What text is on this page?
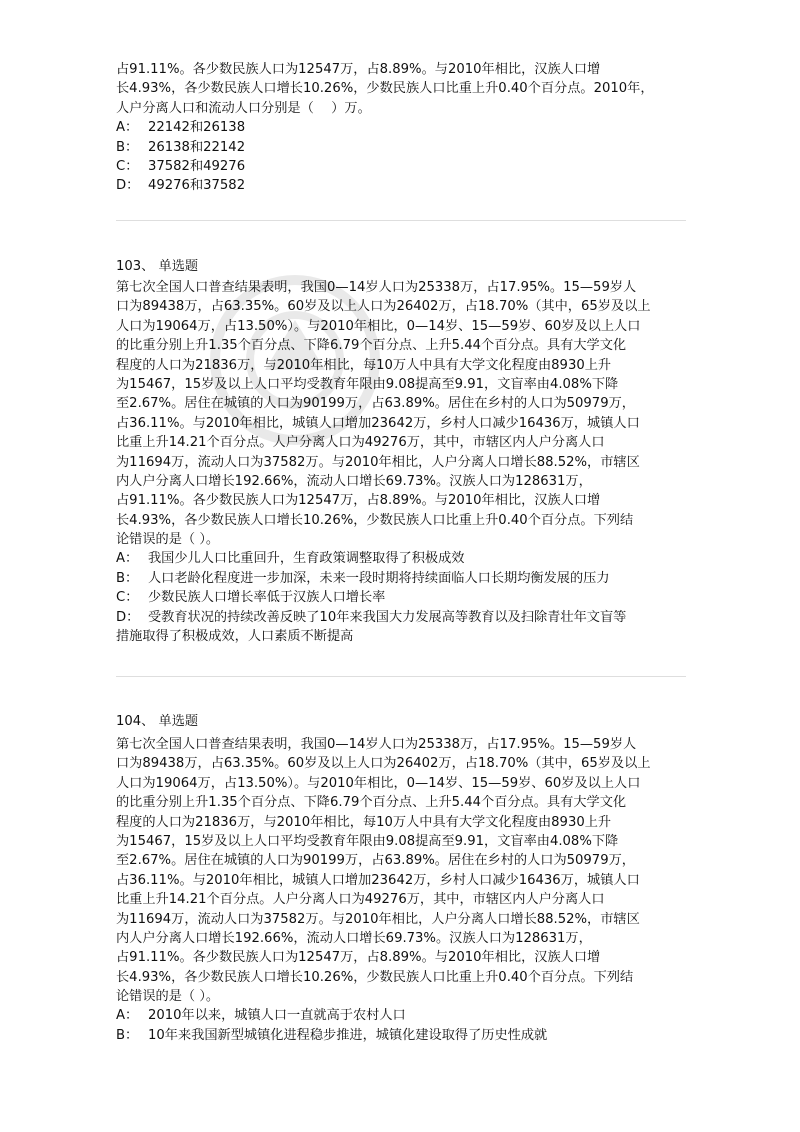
占91.11%。各少数民族人口为12547万，占8.89%。与2010年相比，汉族人口增
长4.93%，各少数民族人口增长10.26%，少数民族人口比重上升0.40个百分点。2010年，
人户分离人口和流动人口分别是（　 ）万。
A： 22142和26138
B： 26138和22142
C： 37582和49276
D： 49276和37582
103、 单选题
第七次全国人口普查结果表明，我国0—14岁人口为25338万，占17.95%。15—59岁人
口为89438万，占63.35%。60岁及以上人口为26402万，占18.70%（其中，65岁及以上
人口为19064万，占13.50%）。与2010年相比，0—14岁、15—59岁、60岁及以上人口
的比重分别上升1.35个百分点、下降6.79个百分点、上升5.44个百分点。具有大学文化
程度的人口为21836万，与2010年相比，每10万人中具有大学文化程度由8930上升
为15467，15岁及以上人口平均受教育年限由9.08提高至9.91，文盲率由4.08%下降
至2.67%。居住在城镇的人口为90199万，占63.89%。居住在乡村的人口为50979万，
占36.11%。与2010年相比，城镇人口增加23642万，乡村人口减少16436万，城镇人口
比重上升14.21个百分点。人户分离人口为49276万，其中，市辖区内人户分离人口
为11694万，流动人口为37582万。与2010年相比，人户分离人口增长88.52%，市辖区
内人户分离人口增长192.66%，流动人口增长69.73%。汉族人口为128631万，
占91.11%。各少数民族人口为12547万，占8.89%。与2010年相比，汉族人口增
长4.93%，各少数民族人口增长10.26%，少数民族人口比重上升0.40个百分点。下列结
论错误的是（ ）。
A： 我国少儿人口比重回升，生育政策调整取得了积极成效
B： 人口老龄化程度进一步加深，未来一段时期将持续面临人口长期均衡发展的压力
C： 少数民族人口增长率低于汉族人口增长率
D： 受教育状况的持续改善反映了10年来我国大力发展高等教育以及扫除青壮年文盲等
措施取得了积极成效，人口素质不断提高
104、 单选题
第七次全国人口普查结果表明，我国0—14岁人口为25338万，占17.95%。15—59岁人
口为89438万，占63.35%。60岁及以上人口为26402万，占18.70%（其中，65岁及以上
人口为19064万，占13.50%）。与2010年相比，0—14岁、15—59岁、60岁及以上人口
的比重分别上升1.35个百分点、下降6.79个百分点、上升5.44个百分点。具有大学文化
程度的人口为21836万，与2010年相比，每10万人中具有大学文化程度由8930上升
为15467，15岁及以上人口平均受教育年限由9.08提高至9.91，文盲率由4.08%下降
至2.67%。居住在城镇的人口为90199万，占63.89%。居住在乡村的人口为50979万，
占36.11%。与2010年相比，城镇人口增加23642万，乡村人口减少16436万，城镇人口
比重上升14.21个百分点。人户分离人口为49276万，其中，市辖区内人户分离人口
为11694万，流动人口为37582万。与2010年相比，人户分离人口增长88.52%，市辖区
内人户分离人口增长192.66%，流动人口增长69.73%。汉族人口为128631万，
占91.11%。各少数民族人口为12547万，占8.89%。与2010年相比，汉族人口增
长4.93%，各少数民族人口增长10.26%，少数民族人口比重上升0.40个百分点。下列结
论错误的是（ ）。
A： 2010年以来，城镇人口一直就高于农村人口
B： 10年来我国新型城镇化进程稳步推进，城镇化建设取得了历史性成就
